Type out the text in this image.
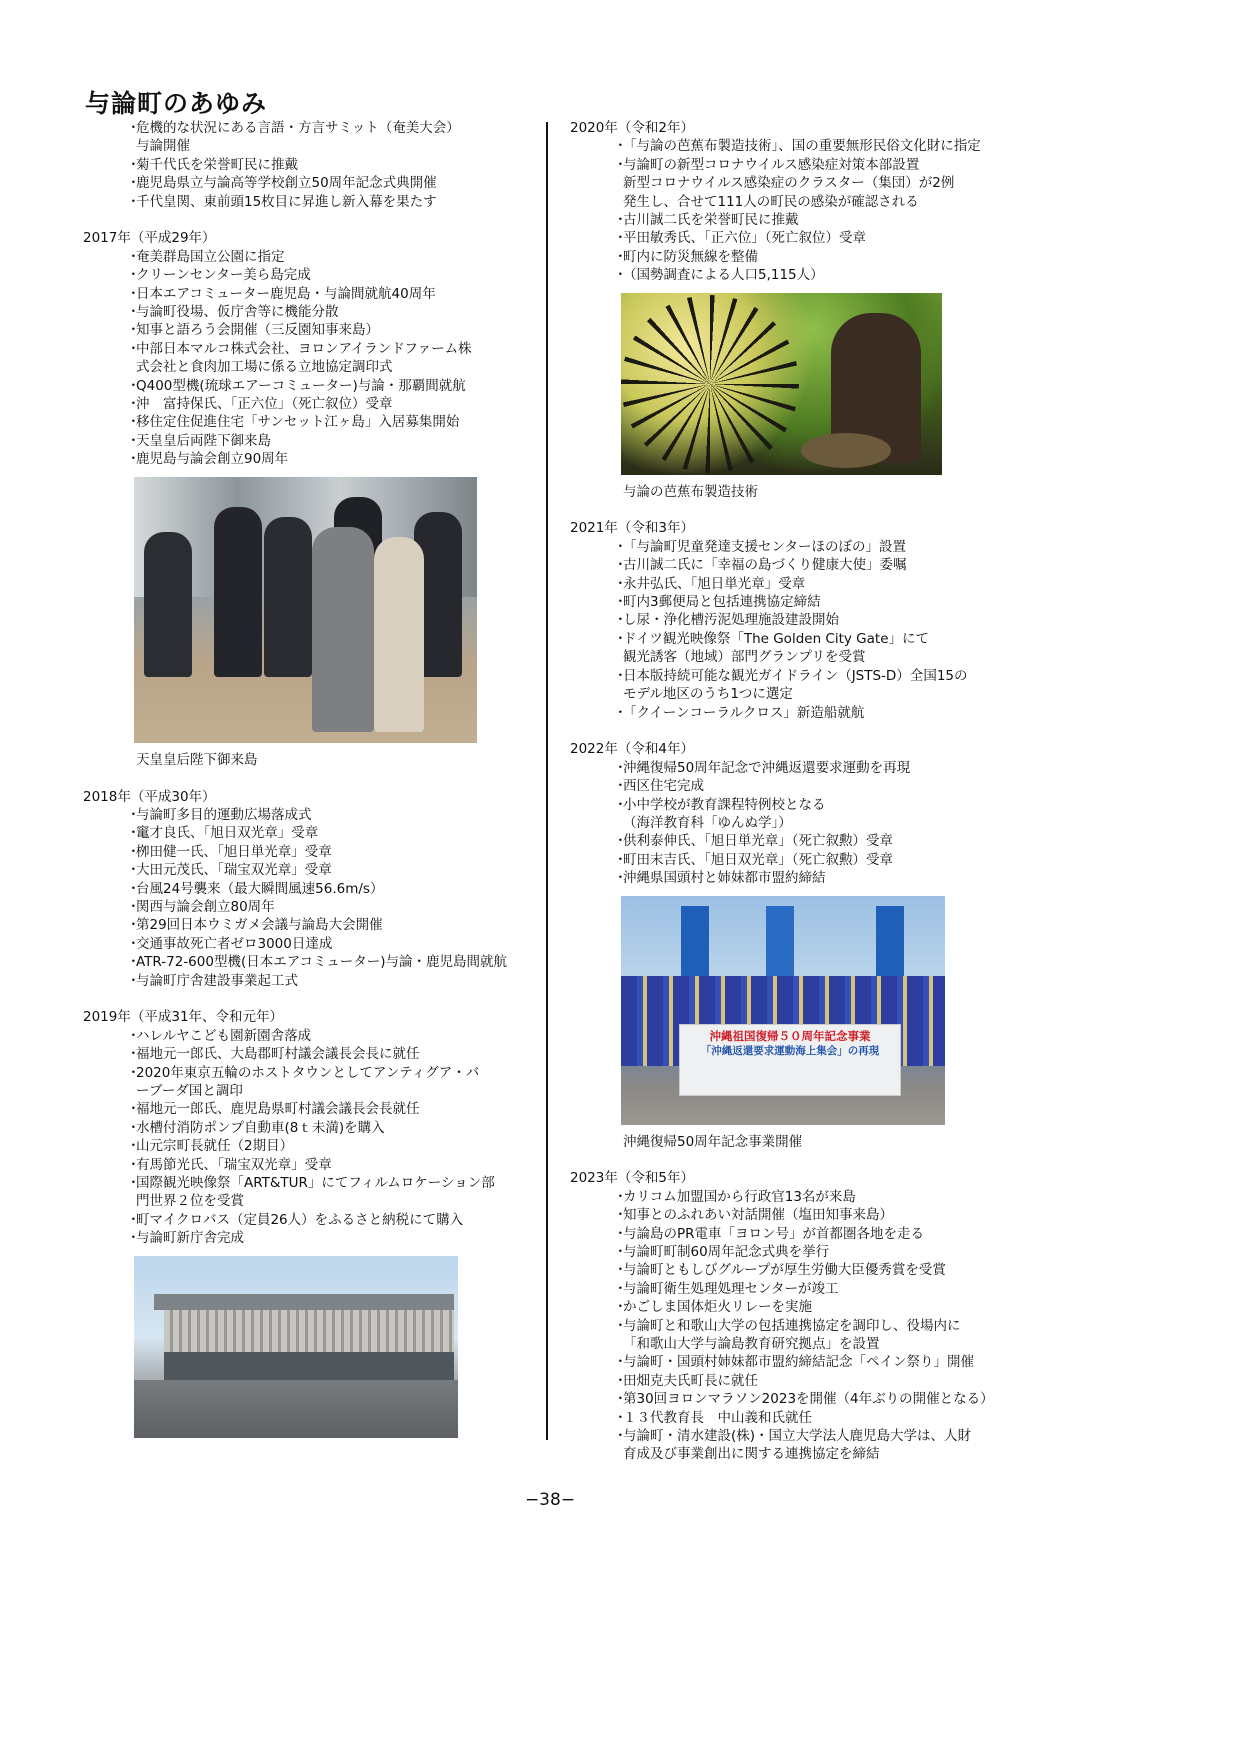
与論町のあゆみ
･危機的な状況にある言語・方言サミット（奄美大会）
与論開催
･菊千代氏を栄誉町民に推戴
･鹿児島県立与論高等学校創立50周年記念式典開催
･千代皇関、東前頭15枚目に昇進し新入幕を果たす
2017年（平成29年）
･奄美群島国立公園に指定
･クリーンセンター美ら島完成
･日本エアコミューター鹿児島・与論間就航40周年
･与論町役場、仮庁舎等に機能分散
･知事と語ろう会開催（三反園知事来島）
･中部日本マルコ株式会社、ヨロンアイランドファーム株
式会社と食肉加工場に係る立地協定調印式
･Q400型機(琉球エアーコミューター)与論・那覇間就航
･沖　富持保氏、「正六位」（死亡叙位）受章
･移住定住促進住宅「サンセット江ヶ島」入居募集開始
･天皇皇后両陛下御来島
･鹿児島与論会創立90周年
天皇皇后陛下御来島
2018年（平成30年）
･与論町多目的運動広場落成式
･竃才良氏、「旭日双光章」受章
･栁田健一氏、「旭日単光章」受章
･大田元茂氏、「瑞宝双光章」受章
･台風24号襲来（最大瞬間風速56.6m/s）
･関西与論会創立80周年
･第29回日本ウミガメ会議与論島大会開催
･交通事故死亡者ゼロ3000日達成
･ATR-72-600型機(日本エアコミューター)与論・鹿児島間就航
･与論町庁舎建設事業起工式
2019年（平成31年、令和元年）
･ハレルヤこども園新園舎落成
･福地元一郎氏、大島郡町村議会議長会長に就任
･2020年東京五輪のホストタウンとしてアンティグア・バ
ーブーダ国と調印
･福地元一郎氏、鹿児島県町村議会議長会長就任
･水槽付消防ポンプ自動車(8ｔ未満)を購入
･山元宗町長就任（2期目）
･有馬節光氏、「瑞宝双光章」受章
･国際観光映像祭「ART&TUR」にてフィルムロケーション部
門世界２位を受賞
･町マイクロバス（定員26人）をふるさと納税にて購入
･与論町新庁舎完成
2020年（令和2年）
･「与論の芭蕉布製造技術」、国の重要無形民俗文化財に指定
･与論町の新型コロナウイルス感染症対策本部設置
新型コロナウイルス感染症のクラスター（集団）が2例
発生し、合せて111人の町民の感染が確認される
･古川誠二氏を栄誉町民に推戴
･平田敏秀氏、「正六位」（死亡叙位）受章
･町内に防災無線を整備
･（国勢調査による人口5,115人）
与論の芭蕉布製造技術
2021年（令和3年）
･「与論町児童発達支援センターほのぼの」設置
･古川誠二氏に「幸福の島づくり健康大使」委嘱
･永井弘氏、「旭日単光章」受章
･町内3郵便局と包括連携協定締結
･し尿・浄化槽汚泥処理施設建設開始
･ドイツ観光映像祭「The Golden City Gate」にて
観光誘客（地域）部門グランプリを受賞
･日本版持続可能な観光ガイドライン（JSTS-D）全国15の
モデル地区のうち1つに選定
･「クイーンコーラルクロス」新造船就航
2022年（令和4年）
･沖縄復帰50周年記念で沖縄返還要求運動を再現
･西区住宅完成
･小中学校が教育課程特例校となる
（海洋教育科「ゆんぬ学」）
･供利泰伸氏、「旭日単光章」（死亡叙勲）受章
･町田末吉氏、「旭日双光章」（死亡叙勲）受章
･沖縄県国頭村と姉妹都市盟約締結
沖縄祖国復帰５０周年記念事業
「沖縄返還要求運動海上集会」の再現
沖縄復帰50周年記念事業開催
2023年（令和5年）
･カリコム加盟国から行政官13名が来島
･知事とのふれあい対話開催（塩田知事来島）
･与論島のPR電車「ヨロン号」が首都圏各地を走る
･与論町町制60周年記念式典を挙行
･与論町ともしびグループが厚生労働大臣優秀賞を受賞
･与論町衛生処理処理センターが竣工
･かごしま国体炬火リレーを実施
･与論町と和歌山大学の包括連携協定を調印し、役場内に
「和歌山大学与論島教育研究拠点」を設置
･与論町・国頭村姉妹都市盟約締結記念「ペイン祭り」開催
･田畑克夫氏町長に就任
･第30回ヨロンマラソン2023を開催（4年ぶりの開催となる）
･１３代教育長　中山義和氏就任
･与論町・清水建設(株)・国立大学法人鹿児島大学は、人財
育成及び事業創出に関する連携協定を締結
−38−
